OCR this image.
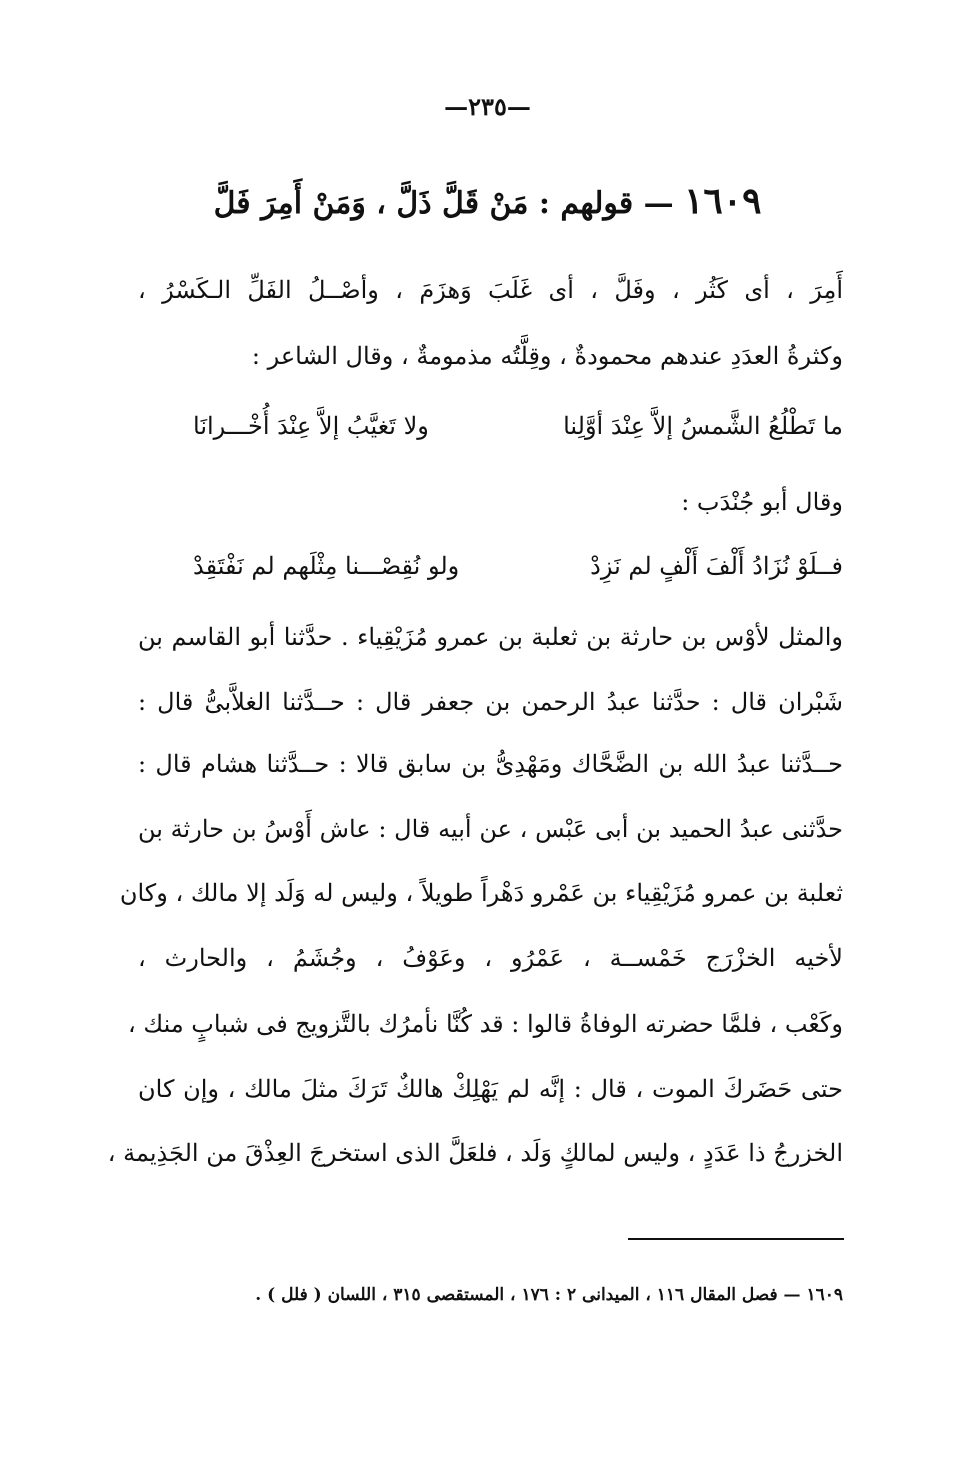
—٢٣٥—
١٦٠٩ — قولهم : مَنْ قَلَّ ذَلَّ ، وَمَنْ أَمِرَ فَلَّ
أَمِرَ ، أى كَثُر ، وفَلَّ ، أى غَلَبَ وَهزَمَ ، وأصْــلُ الفَلِّ الـكَسْرُ ،
وكثرةُ العدَدِ عندهم محمودةٌ ، وقِلَّتُه مذمومةٌ ، وقال الشاعر :
ما تَطْلُعُ الشَّمسُ إلاَّ عِنْدَ أوَّلِنا
ولا تَغيَّبُ إلاَّ عِنْدَ أُخْـــرانَا
وقال أبو جُنْدَب :
فــلَوْ نُزَادُ أَلْفَ أَلْفٍ لم نَزِدْ
ولو نُقِصْـــنا مِثْلَهم لم نَفْتَقِدْ
والمثل لأوْس بن حارثة بن ثعلبة بن عمرو مُزَيْقِياء . حدَّثنا أبو القاسم بن
شَبْران قال : حدَّثنا عبدُ الرحمن بن جعفر قال : حــدَّثنا الغلاَّبىُّ قال :
حــدَّثنا عبدُ الله بن الضَّحَّاك ومَهْدِىُّ بن سابق قالا : حــدَّثنا هشام قال :
حدَّثنى عبدُ الحميد بن أبى عَبْس ، عن أبيه قال : عاش أَوْسُ بن حارثة بن
ثعلبة بن عمرو مُزَيْقِياء بن عَمْرو دَهْراً طويلاً ، وليس له وَلَد إلا مالك ، وكان
لأخيه الخزْرَج خَمْســة ، عَمْرُو ، وعَوْفُ ، وجُشَمُ ، والحارث ،
وكَعْب ، فلمَّا حضرته الوفاةُ قالوا : قد كُنَّا نأمرُك بالتَّزويج فى شبابٍ منك ،
حتى حَضَركَ الموت ، قال : إنَّه لم يَهْلِكْ هالكٌ تَرَكَ مثلَ مالك ، وإن كان
الخزرجُ ذا عَدَدٍ ، وليس لمالكٍ وَلَد ، فلعَلَّ الذى استخرجَ العِذْقَ من الجَذِيمة ،
١٦٠٩ — فصل المقال ١١٦ ، الميدانى ٢ : ١٧٦ ، المستقصى ٣١٥ ، اللسان ( فلل ) .
